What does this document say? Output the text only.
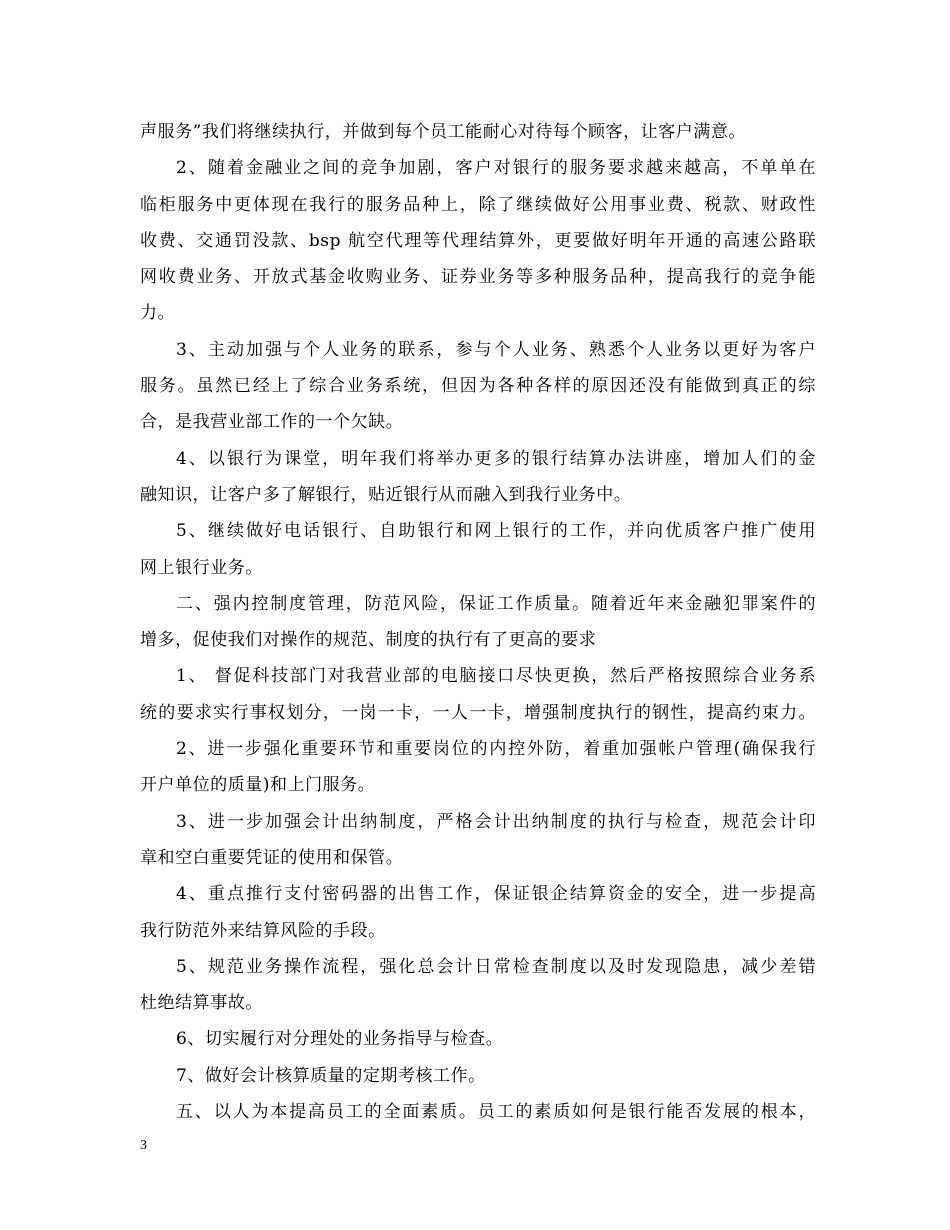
声服务”我们将继续执行，并做到每个员工能耐心对待每个顾客，让客户满意。
2、随着金融业之间的竞争加剧，客户对银行的服务要求越来越高，不单单在
临柜服务中更体现在我行的服务品种上，除了继续做好公用事业费、税款、财政性
收费、交通罚没款、bsp 航空代理等代理结算外，更要做好明年开通的高速公路联
网收费业务、开放式基金收购业务、证券业务等多种服务品种，提高我行的竞争能
力。
3、主动加强与个人业务的联系，参与个人业务、熟悉个人业务以更好为客户
服务。虽然已经上了综合业务系统，但因为各种各样的原因还没有能做到真正的综
合，是我营业部工作的一个欠缺。
4、以银行为课堂，明年我们将举办更多的银行结算办法讲座，增加人们的金
融知识，让客户多了解银行，贴近银行从而融入到我行业务中。
5、继续做好电话银行、自助银行和网上银行的工作，并向优质客户推广使用
网上银行业务。
二、强内控制度管理，防范风险，保证工作质量。随着近年来金融犯罪案件的
增多，促使我们对操作的规范、制度的执行有了更高的要求
1、 督促科技部门对我营业部的电脑接口尽快更换，然后严格按照综合业务系
统的要求实行事权划分，一岗一卡，一人一卡，增强制度执行的钢性，提高约束力。
2、进一步强化重要环节和重要岗位的内控外防，着重加强帐户管理(确保我行
开户单位的质量)和上门服务。
3、进一步加强会计出纳制度，严格会计出纳制度的执行与检查，规范会计印
章和空白重要凭证的使用和保管。
4、重点推行支付密码器的出售工作，保证银企结算资金的安全，进一步提高
我行防范外来结算风险的手段。
5、规范业务操作流程，强化总会计日常检查制度以及时发现隐患，减少差错
杜绝结算事故。
6、切实履行对分理处的业务指导与检查。
7、做好会计核算质量的定期考核工作。
五、以人为本提高员工的全面素质。员工的素质如何是银行能否发展的根本，
3
